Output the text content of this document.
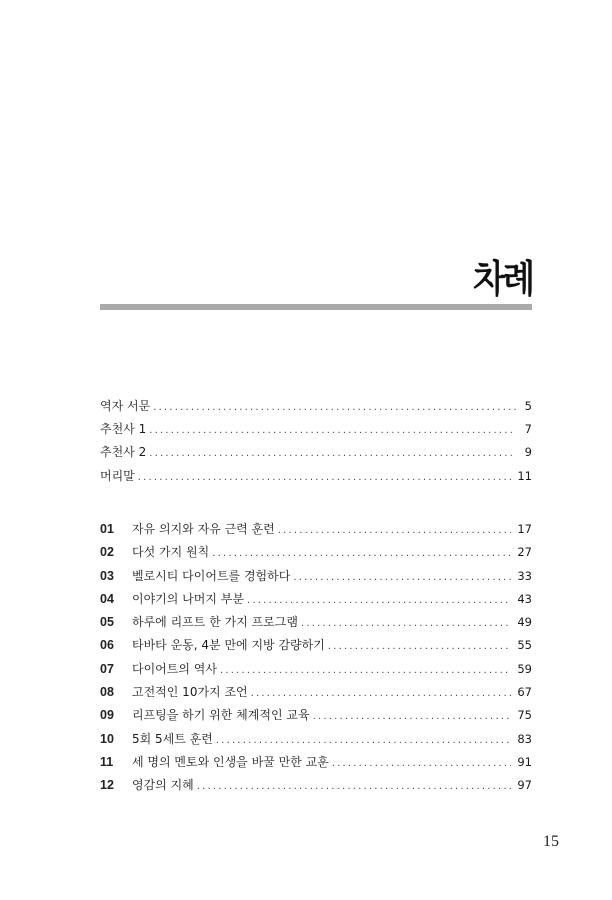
차례
역자 서문 .....	5
추천사 1 .....	7
추천사 2 .....	9
머리말 .....	11
01	자유 의지와 자유 근력 훈련 .....	17
02	다섯 가지 원칙 .....	27
03	벨로시티 다이어트를 경험하다 .....	33
04	이야기의 나머지 부분 .....	43
05	하루에 리프트 한 가지 프로그램 .....	49
06	타바타 운동, 4분 만에 지방 감량하기 .....	55
07	다이어트의 역사 .....	59
08	고전적인 10가지 조언 .....	67
09	리프팅을 하기 위한 체계적인 교육 .....	75
10	5회 5세트 훈련 .....	83
11	세 명의 멘토와 인생을 바꿀 만한 교훈 .....	91
12	영감의 지혜 .....	97

15
